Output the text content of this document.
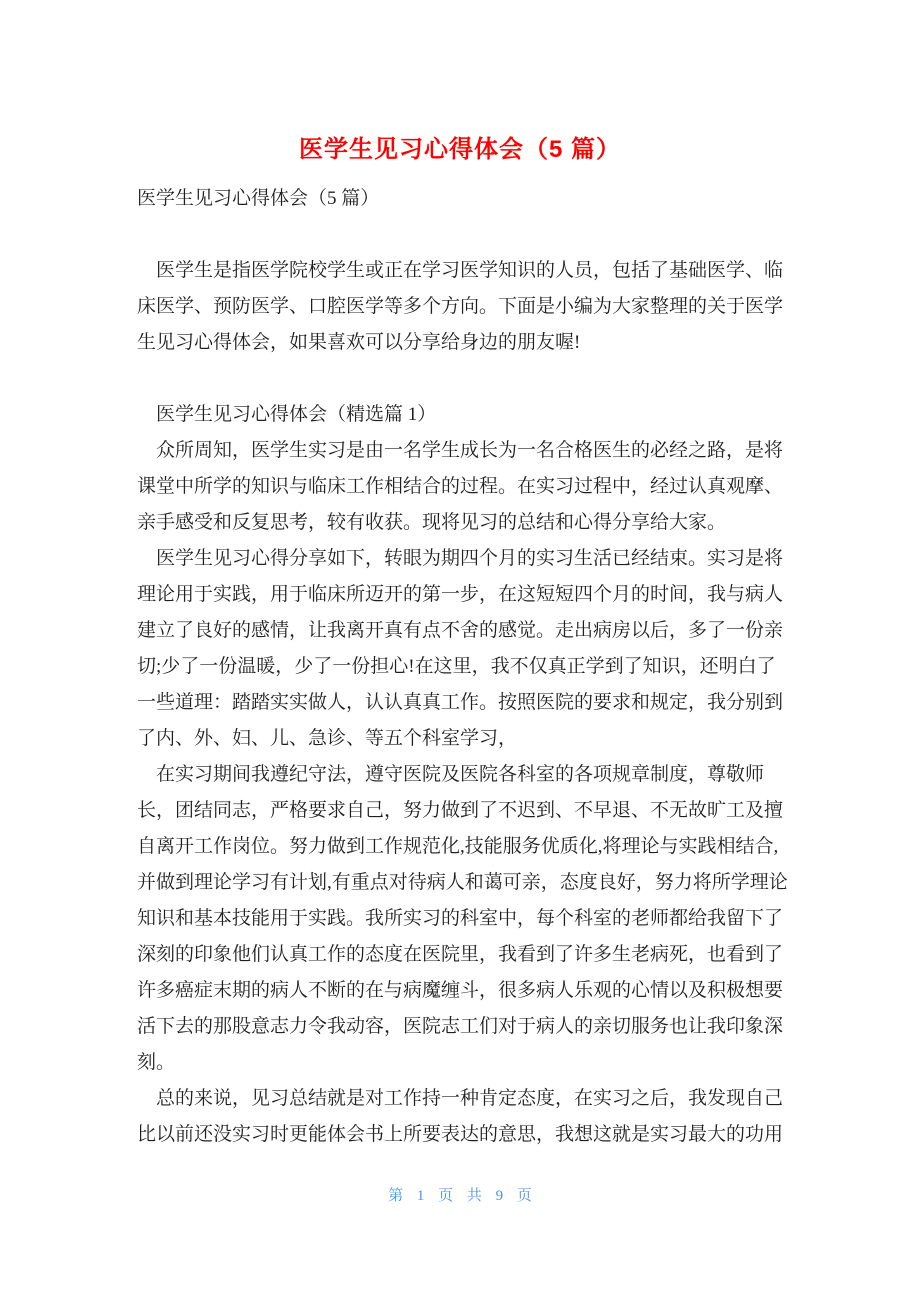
医学生见习心得体会（5 篇）
医学生见习心得体会（5 篇）
　医学生是指医学院校学生或正在学习医学知识的人员，包括了基础医学、临
床医学、预防医学、口腔医学等多个方向。下面是小编为大家整理的关于医学
生见习心得体会，如果喜欢可以分享给身边的朋友喔!
　医学生见习心得体会（精选篇 1）
　众所周知，医学生实习是由一名学生成长为一名合格医生的必经之路，是将
课堂中所学的知识与临床工作相结合的过程。在实习过程中，经过认真观摩、
亲手感受和反复思考，较有收获。现将见习的总结和心得分享给大家。
　医学生见习心得分享如下，转眼为期四个月的实习生活已经结束。实习是将
理论用于实践，用于临床所迈开的第一步，在这短短四个月的时间，我与病人
建立了良好的感情，让我离开真有点不舍的感觉。走出病房以后，多了一份亲
切;少了一份温暖，少了一份担心!在这里，我不仅真正学到了知识，还明白了
一些道理：踏踏实实做人，认认真真工作。按照医院的要求和规定，我分别到
了内、外、妇、儿、急诊、等五个科室学习，
　在实习期间我遵纪守法，遵守医院及医院各科室的各项规章制度，尊敬师
长，团结同志，严格要求自己，努力做到了不迟到、不早退、不无故旷工及擅
自离开工作岗位。努力做到工作规范化,技能服务优质化,将理论与实践相结合,
并做到理论学习有计划,有重点对待病人和蔼可亲，态度良好，努力将所学理论
知识和基本技能用于实践。我所实习的科室中，每个科室的老师都给我留下了
深刻的印象他们认真工作的态度在医院里，我看到了许多生老病死，也看到了
许多癌症末期的病人不断的在与病魔缠斗，很多病人乐观的心情以及积极想要
活下去的那股意志力令我动容，医院志工们对于病人的亲切服务也让我印象深
刻。
　总的来说，见习总结就是对工作持一种肯定态度，在实习之后，我发现自己
比以前还没实习时更能体会书上所要表达的意思，我想这就是实习最大的功用
第 1 页 共 9 页
